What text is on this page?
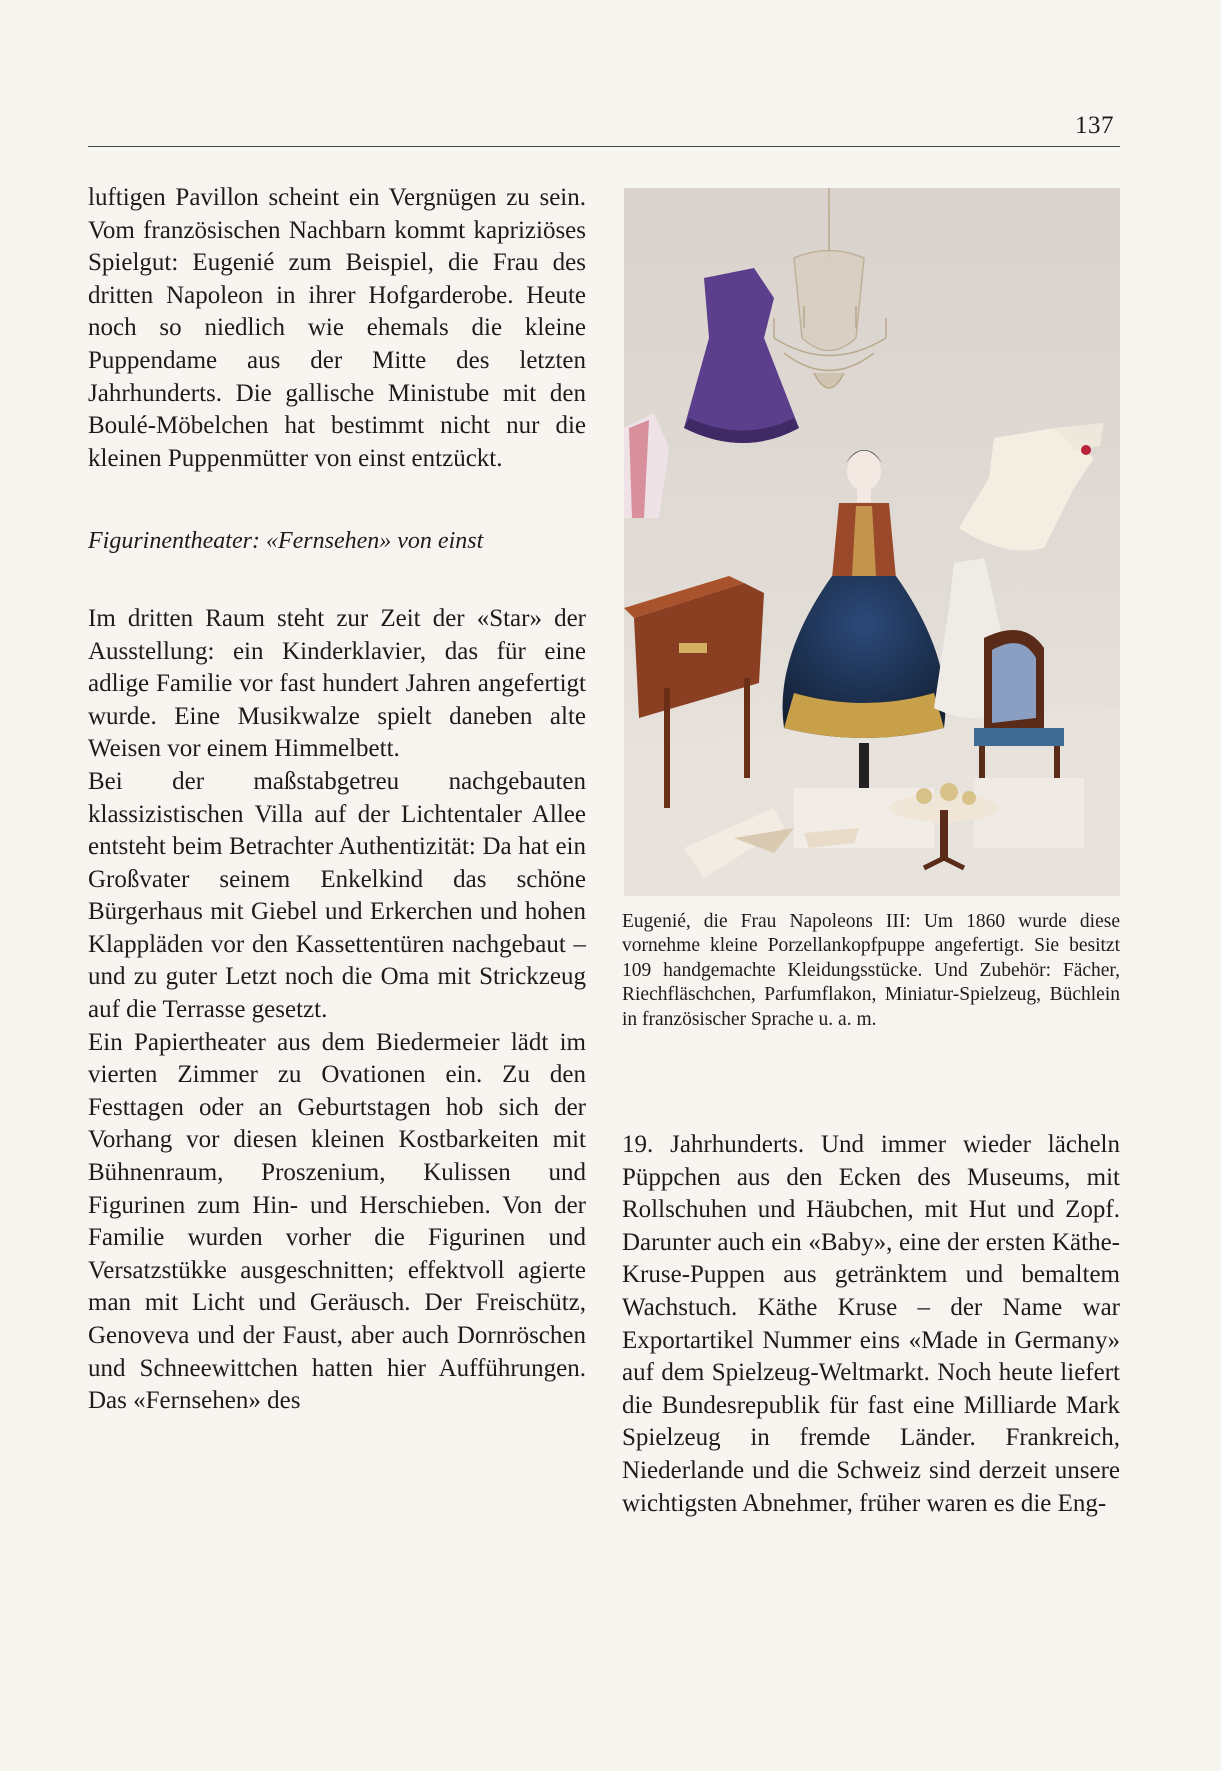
137

luftigen Pavillon scheint ein Vergnügen zu sein. Vom französischen Nachbarn kommt kapriziöses Spielgut: Eugenié zum Beispiel, die Frau des dritten Napoleon in ihrer Hofgarderobe. Heute noch so niedlich wie ehemals die kleine Puppendame aus der Mitte des letzten Jahrhunderts. Die gallische Ministube mit den Boulé-Möbelchen hat bestimmt nicht nur die kleinen Puppenmütter von einst entzückt.

Figurinentheater: «Fernsehen» von einst

Im dritten Raum steht zur Zeit der «Star» der Ausstellung: ein Kinderklavier, das für eine adlige Familie vor fast hundert Jahren angefertigt wurde. Eine Musikwalze spielt daneben alte Weisen vor einem Himmelbett.

Bei der maßstabgetreu nachgebauten klassizistischen Villa auf der Lichtentaler Allee entsteht beim Betrachter Authentizität: Da hat ein Großvater seinem Enkelkind das schöne Bürgerhaus mit Giebel und Erkerchen und hohen Klappläden vor den Kassettentüren nachgebaut – und zu guter Letzt noch die Oma mit Strickzeug auf die Terrasse gesetzt.

Ein Papiertheater aus dem Biedermeier lädt im vierten Zimmer zu Ovationen ein. Zu den Festtagen oder an Geburtstagen hob sich der Vorhang vor diesen kleinen Kostbarkeiten mit Bühnenraum, Proszenium, Kulissen und Figurinen zum Hin- und Herschieben. Von der Familie wurden vorher die Figurinen und Versatzstükke ausgeschnitten; effektvoll agierte man mit Licht und Geräusch. Der Freischütz, Genoveva und der Faust, aber auch Dornröschen und Schneewittchen hatten hier Aufführungen. Das «Fernsehen» des

Eugenié, die Frau Napoleons III: Um 1860 wurde diese vornehme kleine Porzellankopfpuppe angefertigt. Sie besitzt 109 handgemachte Kleidungsstücke. Und Zubehör: Fächer, Riechfläschchen, Parfumflakon, Miniatur-Spielzeug, Büchlein in französischer Sprache u. a. m.

19. Jahrhunderts. Und immer wieder lächeln Püppchen aus den Ecken des Museums, mit Rollschuhen und Häubchen, mit Hut und Zopf. Darunter auch ein «Baby», eine der ersten Käthe-Kruse-Puppen aus getränktem und bemaltem Wachstuch. Käthe Kruse – der Name war Exportartikel Nummer eins «Made in Germany» auf dem Spielzeug-Weltmarkt. Noch heute liefert die Bundesrepublik für fast eine Milliarde Mark Spielzeug in fremde Länder. Frankreich, Niederlande und die Schweiz sind derzeit unsere wichtigsten Abnehmer, früher waren es die Eng-
